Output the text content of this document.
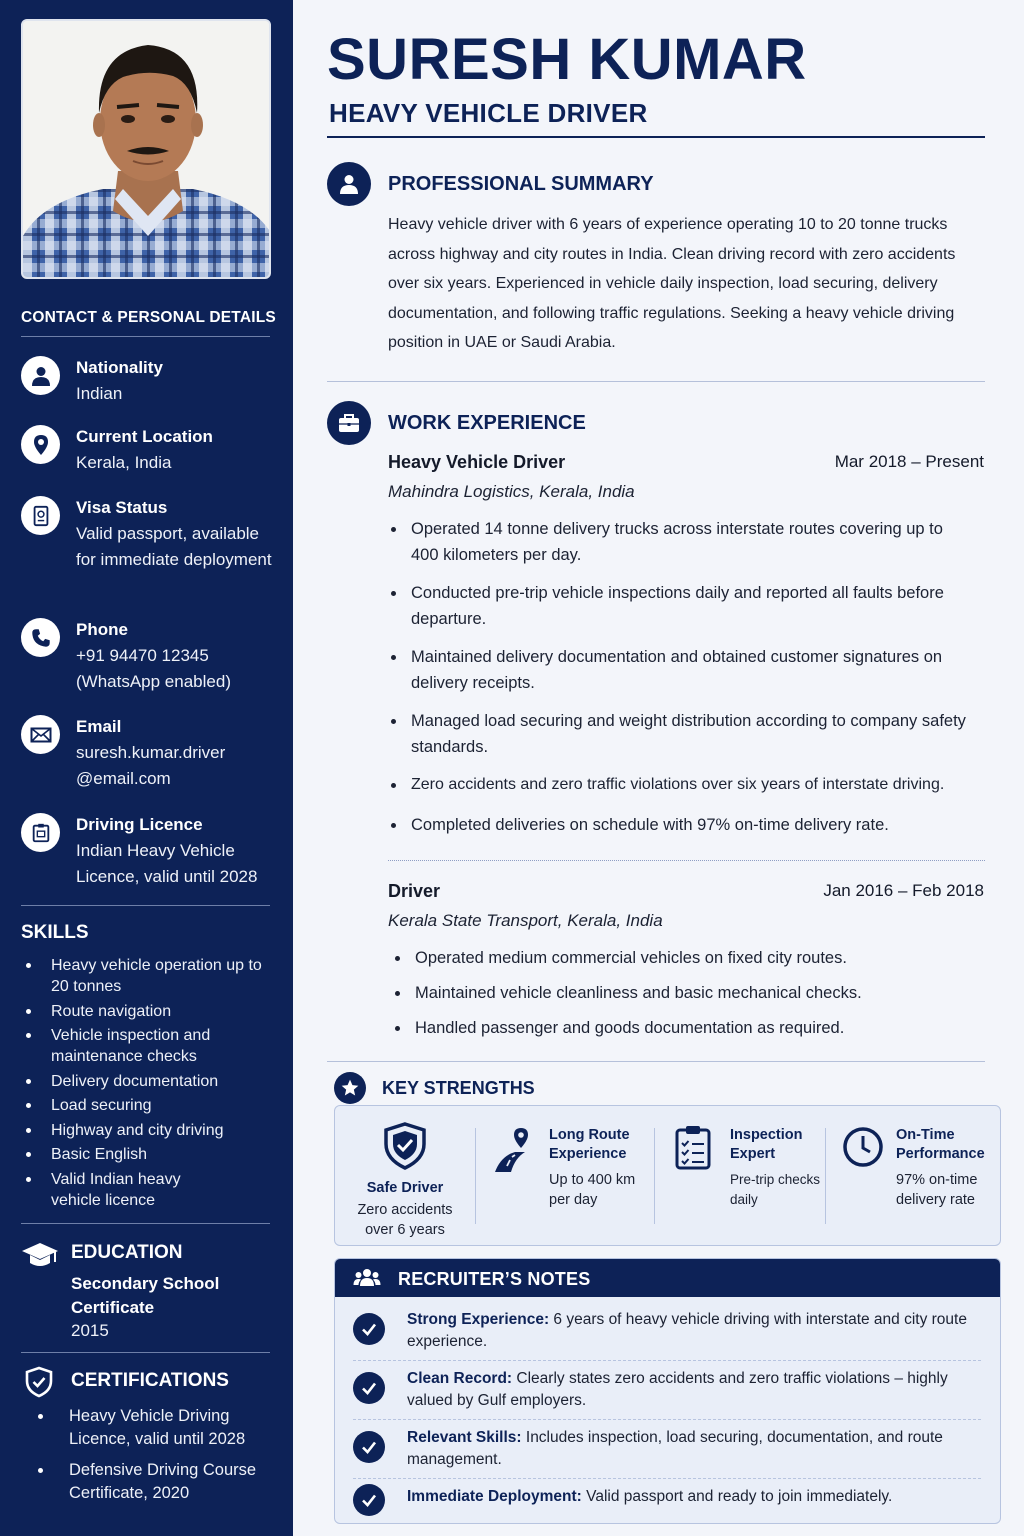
CONTACT & PERSONAL DETAILS
Nationality
Indian
Current Location
Kerala, India
Visa Status
Valid passport, available for immediate deployment
Phone
+91 94470 12345 (WhatsApp enabled)
Email
suresh.kumar.driver @email.com
Driving Licence
Indian Heavy Vehicle Licence, valid until 2028
SKILLS
Heavy vehicle operation up to 20 tonnes
Route navigation
Vehicle inspection and maintenance checks
Delivery documentation
Load securing
Highway and city driving
Basic English
Valid Indian heavy vehicle licence
EDUCATION
Secondary School Certificate
2015
CERTIFICATIONS
Heavy Vehicle Driving Licence, valid until 2028
Defensive Driving Course Certificate, 2020
SURESH KUMAR
HEAVY VEHICLE DRIVER
PROFESSIONAL SUMMARY
Heavy vehicle driver with 6 years of experience operating 10 to 20 tonne trucks across highway and city routes in India. Clean driving record with zero accidents over six years. Experienced in vehicle daily inspection, load securing, delivery documentation, and following traffic regulations. Seeking a heavy vehicle driving position in UAE or Saudi Arabia.
WORK EXPERIENCE
Heavy Vehicle Driver	Mar 2018 – Present
Mahindra Logistics, Kerala, India
Operated 14 tonne delivery trucks across interstate routes covering up to 400 kilometers per day.
Conducted pre-trip vehicle inspections daily and reported all faults before departure.
Maintained delivery documentation and obtained customer signatures on delivery receipts.
Managed load securing and weight distribution according to company safety standards.
Zero accidents and zero traffic violations over six years of interstate driving.
Completed deliveries on schedule with 97% on-time delivery rate.
Driver	Jan 2016 – Feb 2018
Kerala State Transport, Kerala, India
Operated medium commercial vehicles on fixed city routes.
Maintained vehicle cleanliness and basic mechanical checks.
Handled passenger and goods documentation as required.
KEY STRENGTHS
Safe Driver
Zero accidents over 6 years
Long Route Experience
Up to 400 km per day
Inspection Expert
Pre-trip checks daily
On-Time Performance
97% on-time delivery rate
RECRUITER’S NOTES
Strong Experience: 6 years of heavy vehicle driving with interstate and city route experience.
Clean Record: Clearly states zero accidents and zero traffic violations – highly valued by Gulf employers.
Relevant Skills: Includes inspection, load securing, documentation, and route management.
Immediate Deployment: Valid passport and ready to join immediately.
